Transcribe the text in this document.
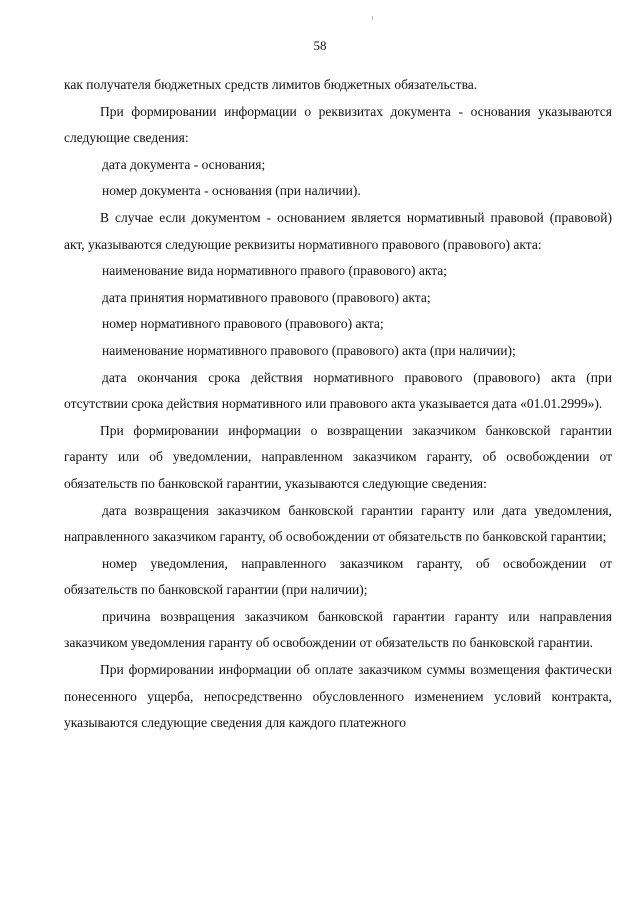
58

как получателя бюджетных средств лимитов бюджетных обязательства.

При формировании информации о реквизитах документа - основания указываются следующие сведения:

дата документа - основания;

номер документа - основания (при наличии).

В случае если документом - основанием является нормативный правовой (правовой) акт, указываются следующие реквизиты нормативного правового (правового) акта:

наименование вида нормативного правого (правового) акта;

дата принятия нормативного правового (правового) акта;

номер нормативного правового (правового) акта;

наименование нормативного правового (правового) акта (при наличии);

дата окончания срока действия нормативного правового (правового) акта (при отсутствии срока действия нормативного или правового акта указывается дата «01.01.2999»).

При формировании информации о возвращении заказчиком банковской гарантии гаранту или об уведомлении, направленном заказчиком гаранту, об освобождении от обязательств по банковской гарантии, указываются следующие сведения:

дата возвращения заказчиком банковской гарантии гаранту или дата уведомления, направленного заказчиком гаранту, об освобождении от обязательств по банковской гарантии;

номер уведомления, направленного заказчиком гаранту, об освобождении от обязательств по банковской гарантии (при наличии);

причина возвращения заказчиком банковской гарантии гаранту или направления заказчиком уведомления гаранту об освобождении от обязательств по банковской гарантии.

При формировании информации об оплате заказчиком суммы возмещения фактически понесенного ущерба, непосредственно обусловленного изменением условий контракта, указываются следующие сведения для каждого платежного
